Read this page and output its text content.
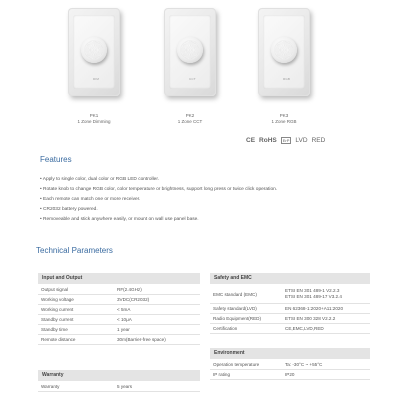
DIM	CCT	RGB
PK1
1 Zone Dimming
PK2
1 Zone CCT
PK3
1 Zone RGB
CE RoHS	ErP LVD RED
Features
• Apply to single color, dual color or RGB LED controller.
• Rotate knob to change RGB color, color temperature or brightness, support long press or twice click operation.
• Each remote can match one or more receiver.
• CR2032 battery powered.
• Removeable and stick anywhere easily, or mount on wall use panel base.
Technical Parameters
Input and Output
Output signal	RF(2.4GHz)
Working voltage	3VDC(CR2032)
Working current	< 5mA
Standby current	< 10μA
Standby time	1 year
Remote distance	30m(Barrier-free space)
Warranty
Warranty	5 years
Safety and EMC
EMC standard (EMC)	ETSI EN 301 489-1 V2.2.3
ETSI EN 301 489-17 V3.2.4

Safety standard(LVD)	EN 62368-1:2020+A11:2020
Radio Equipment(RED)	ETSI EN 300 328 V2.2.2
Certification	CE,EMC,LVD,RED
Environment
Operation temperature	Ta: -30°C ~ +55°C
IP rating	IP20
